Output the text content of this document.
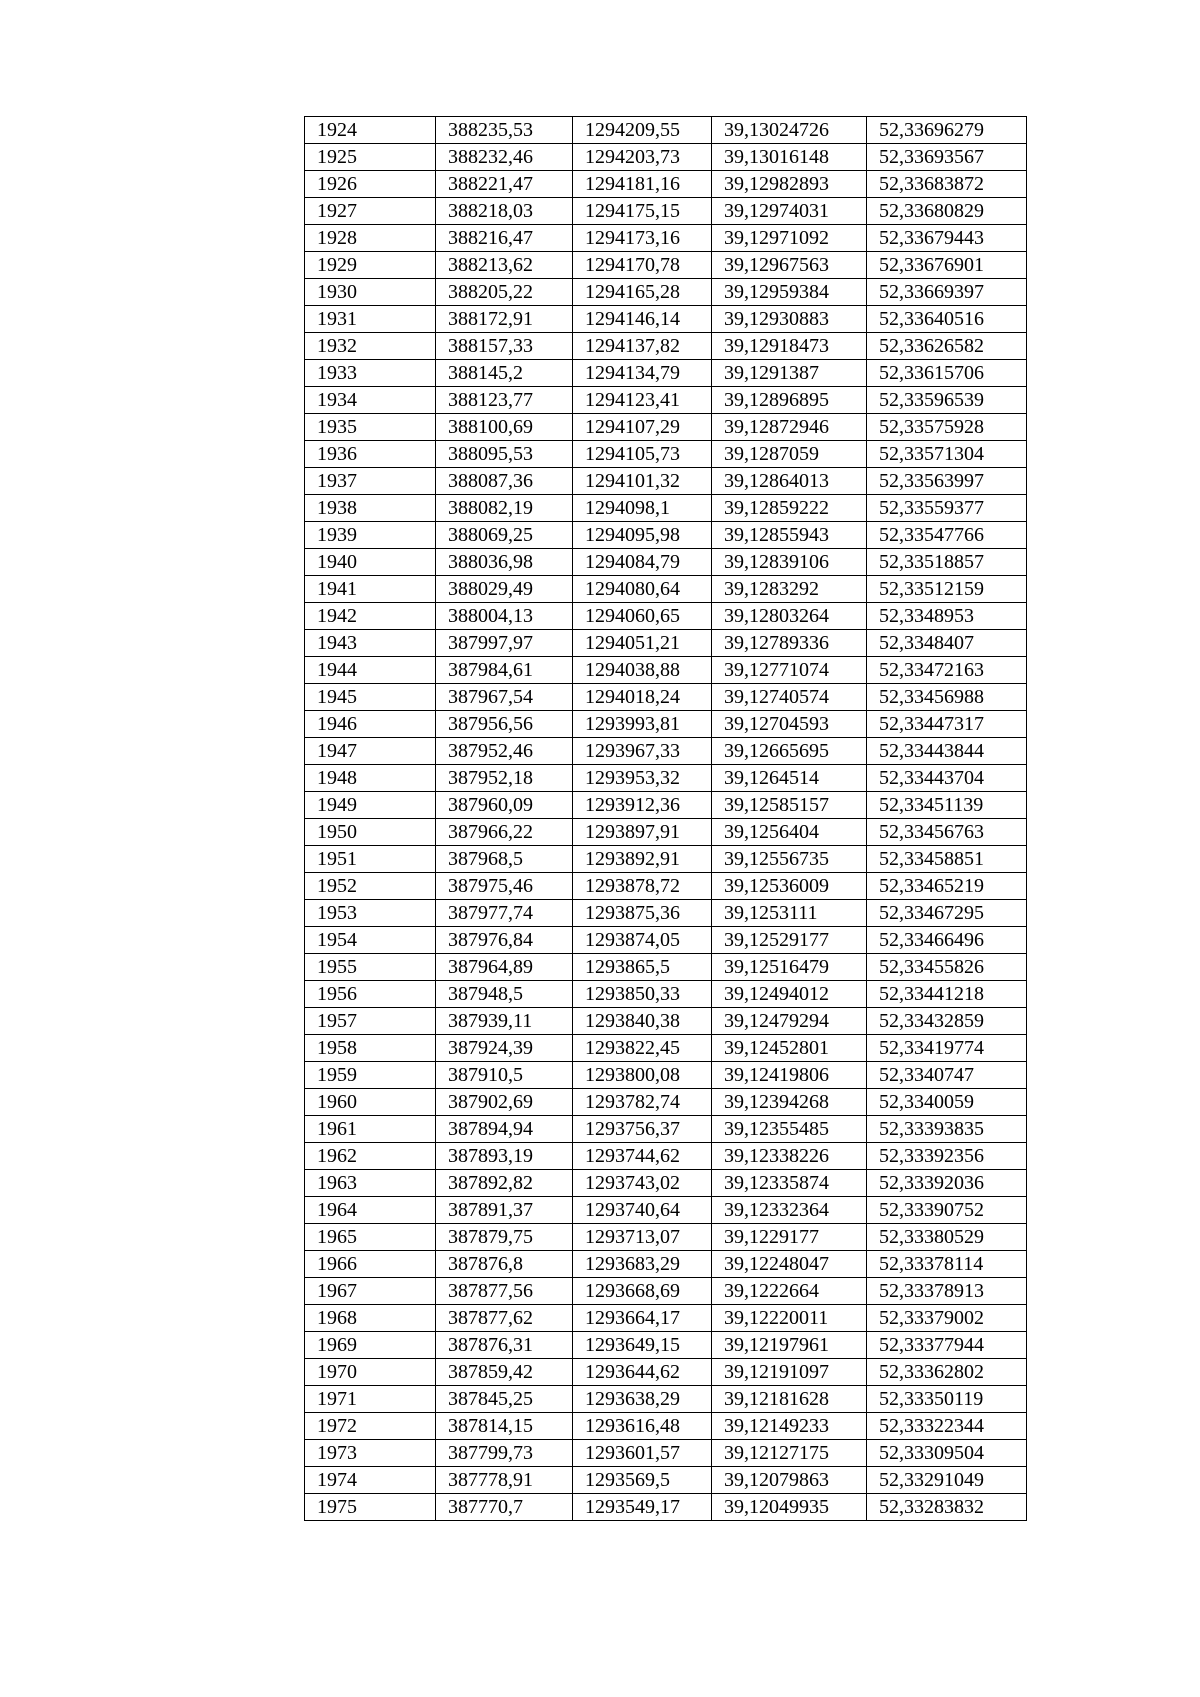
1924	388235,53	1294209,55	39,13024726	52,33696279
1925	388232,46	1294203,73	39,13016148	52,33693567
1926	388221,47	1294181,16	39,12982893	52,33683872
1927	388218,03	1294175,15	39,12974031	52,33680829
1928	388216,47	1294173,16	39,12971092	52,33679443
1929	388213,62	1294170,78	39,12967563	52,33676901
1930	388205,22	1294165,28	39,12959384	52,33669397
1931	388172,91	1294146,14	39,12930883	52,33640516
1932	388157,33	1294137,82	39,12918473	52,33626582
1933	388145,2	1294134,79	39,1291387	52,33615706
1934	388123,77	1294123,41	39,12896895	52,33596539
1935	388100,69	1294107,29	39,12872946	52,33575928
1936	388095,53	1294105,73	39,1287059	52,33571304
1937	388087,36	1294101,32	39,12864013	52,33563997
1938	388082,19	1294098,1	39,12859222	52,33559377
1939	388069,25	1294095,98	39,12855943	52,33547766
1940	388036,98	1294084,79	39,12839106	52,33518857
1941	388029,49	1294080,64	39,1283292	52,33512159
1942	388004,13	1294060,65	39,12803264	52,3348953
1943	387997,97	1294051,21	39,12789336	52,3348407
1944	387984,61	1294038,88	39,12771074	52,33472163
1945	387967,54	1294018,24	39,12740574	52,33456988
1946	387956,56	1293993,81	39,12704593	52,33447317
1947	387952,46	1293967,33	39,12665695	52,33443844
1948	387952,18	1293953,32	39,1264514	52,33443704
1949	387960,09	1293912,36	39,12585157	52,33451139
1950	387966,22	1293897,91	39,1256404	52,33456763
1951	387968,5	1293892,91	39,12556735	52,33458851
1952	387975,46	1293878,72	39,12536009	52,33465219
1953	387977,74	1293875,36	39,1253111	52,33467295
1954	387976,84	1293874,05	39,12529177	52,33466496
1955	387964,89	1293865,5	39,12516479	52,33455826
1956	387948,5	1293850,33	39,12494012	52,33441218
1957	387939,11	1293840,38	39,12479294	52,33432859
1958	387924,39	1293822,45	39,12452801	52,33419774
1959	387910,5	1293800,08	39,12419806	52,3340747
1960	387902,69	1293782,74	39,12394268	52,3340059
1961	387894,94	1293756,37	39,12355485	52,33393835
1962	387893,19	1293744,62	39,12338226	52,33392356
1963	387892,82	1293743,02	39,12335874	52,33392036
1964	387891,37	1293740,64	39,12332364	52,33390752
1965	387879,75	1293713,07	39,1229177	52,33380529
1966	387876,8	1293683,29	39,12248047	52,33378114
1967	387877,56	1293668,69	39,1222664	52,33378913
1968	387877,62	1293664,17	39,12220011	52,33379002
1969	387876,31	1293649,15	39,12197961	52,33377944
1970	387859,42	1293644,62	39,12191097	52,33362802
1971	387845,25	1293638,29	39,12181628	52,33350119
1972	387814,15	1293616,48	39,12149233	52,33322344
1973	387799,73	1293601,57	39,12127175	52,33309504
1974	387778,91	1293569,5	39,12079863	52,33291049
1975	387770,7	1293549,17	39,12049935	52,33283832
